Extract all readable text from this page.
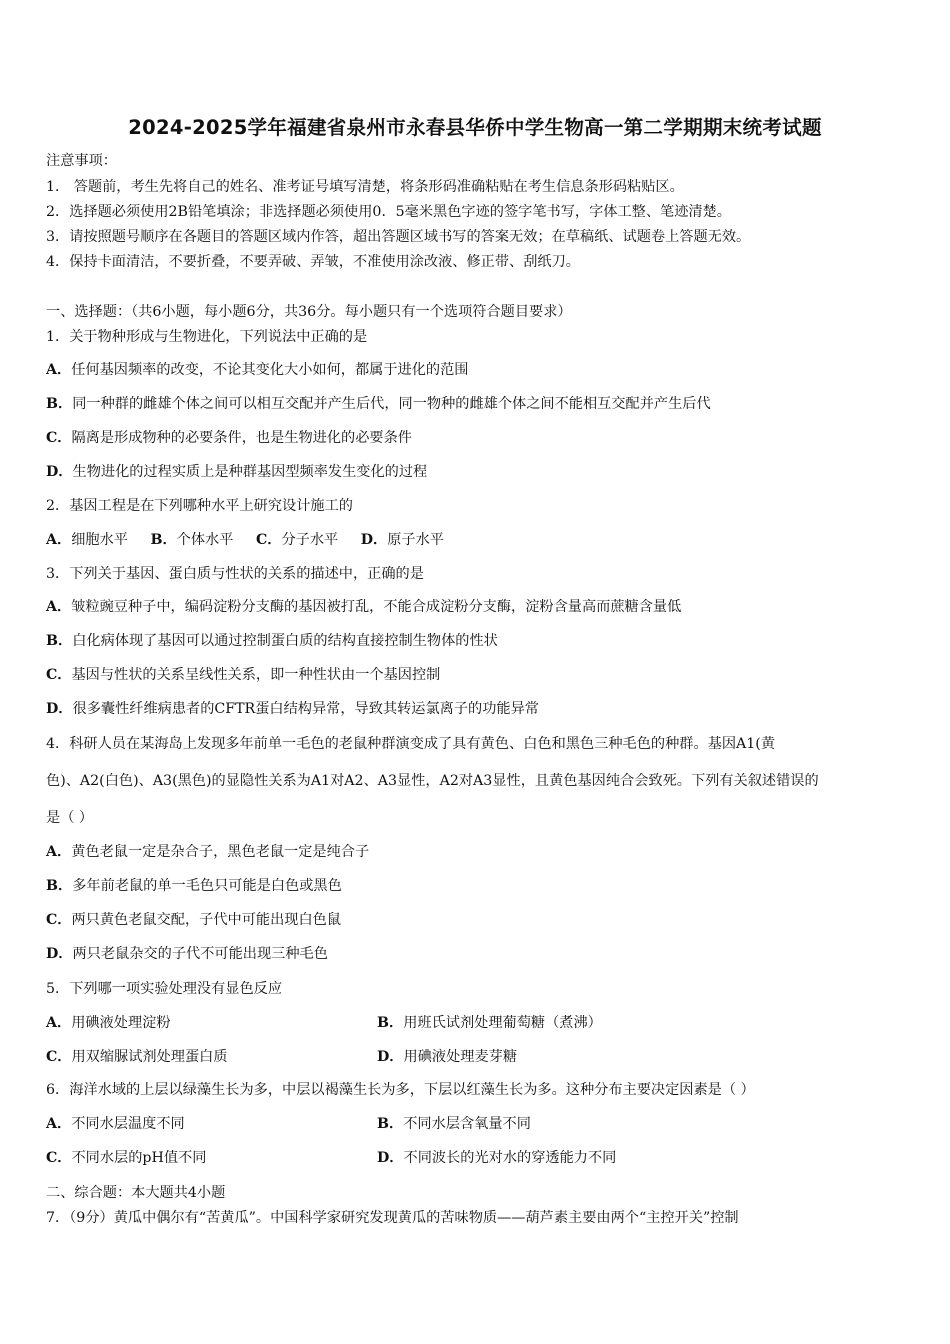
2024-2025学年福建省泉州市永春县华侨中学生物高一第二学期期末统考试题
注意事项：
1． 答题前，考生先将自己的姓名、准考证号填写清楚，将条形码准确粘贴在考生信息条形码粘贴区。
2．选择题必须使用2B铅笔填涂；非选择题必须使用0．5毫米黑色字迹的签字笔书写，字体工整、笔迹清楚。
3．请按照题号顺序在各题目的答题区域内作答，超出答题区域书写的答案无效；在草稿纸、试题卷上答题无效。
4．保持卡面清洁，不要折叠，不要弄破、弄皱，不准使用涂改液、修正带、刮纸刀。
一、选择题：（共6小题，每小题6分，共36分。每小题只有一个选项符合题目要求）
1．关于物种形成与生物进化，下列说法中正确的是
A．任何基因频率的改变，不论其变化大小如何，都属于进化的范围
B．同一种群的雌雄个体之间可以相互交配并产生后代，同一物种的雌雄个体之间不能相互交配并产生后代
C．隔离是形成物种的必要条件，也是生物进化的必要条件
D．生物进化的过程实质上是种群基因型频率发生变化的过程
2．基因工程是在下列哪种水平上研究设计施工的
A．细胞水平 B．个体水平 C．分子水平 D．原子水平
3．下列关于基因、蛋白质与性状的关系的描述中，正确的是
A．皱粒豌豆种子中，编码淀粉分支酶的基因被打乱，不能合成淀粉分支酶，淀粉含量高而蔗糖含量低
B．白化病体现了基因可以通过控制蛋白质的结构直接控制生物体的性状
C．基因与性状的关系呈线性关系，即一种性状由一个基因控制
D．很多囊性纤维病患者的CFTR蛋白结构异常，导致其转运氯离子的功能异常
4．科研人员在某海岛上发现多年前单一毛色的老鼠种群演变成了具有黄色、白色和黑色三种毛色的种群。基因A1(黄
色)、A2(白色)、A3(黑色)的显隐性关系为A1对A2、A3显性，A2对A3显性，且黄色基因纯合会致死。下列有关叙述错误的
是（ ）
A．黄色老鼠一定是杂合子，黑色老鼠一定是纯合子
B．多年前老鼠的单一毛色只可能是白色或黑色
C．两只黄色老鼠交配，子代中可能出现白色鼠
D．两只老鼠杂交的子代不可能出现三种毛色
5．下列哪一项实验处理没有显色反应
A．用碘液处理淀粉	B．用班氏试剂处理葡萄糖（煮沸）
C．用双缩脲试剂处理蛋白质	D．用碘液处理麦芽糖
6．海洋水域的上层以绿藻生长为多，中层以褐藻生长为多，下层以红藻生长为多。这种分布主要决定因素是（ ）
A．不同水层温度不同	B．不同水层含氧量不同
C．不同水层的pH值不同	D．不同波长的光对水的穿透能力不同
二、综合题：本大题共4小题
7．（9分）黄瓜中偶尔有“苦黄瓜”。中国科学家研究发现黄瓜的苦味物质——葫芦素主要由两个“主控开关”控制
